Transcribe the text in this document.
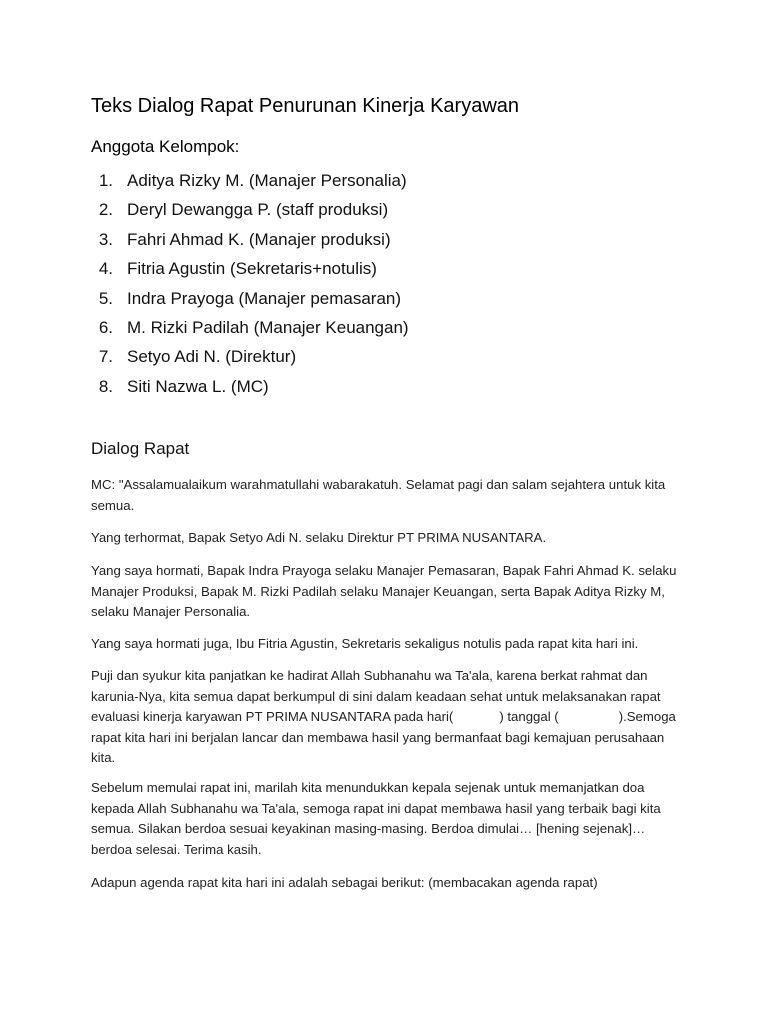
Teks Dialog Rapat Penurunan Kinerja Karyawan
Anggota Kelompok:
1. Aditya Rizky M. (Manajer Personalia)
2. Deryl Dewangga P. (staff produksi)
3. Fahri Ahmad K. (Manajer produksi)
4. Fitria Agustin (Sekretaris+notulis)
5. Indra Prayoga (Manajer pemasaran)
6. M. Rizki Padilah (Manajer Keuangan)
7. Setyo Adi N. (Direktur)
8. Siti Nazwa L. (MC)
Dialog Rapat

MC: "Assalamualaikum warahmatullahi wabarakatuh. Selamat pagi dan salam sejahtera untuk kita semua.

Yang terhormat, Bapak Setyo Adi N. selaku Direktur PT PRIMA NUSANTARA.

Yang saya hormati, Bapak Indra Prayoga selaku Manajer Pemasaran, Bapak Fahri Ahmad K. selaku Manajer Produksi, Bapak M. Rizki Padilah selaku Manajer Keuangan, serta Bapak Aditya Rizky M, selaku Manajer Personalia.

Yang saya hormati juga, Ibu Fitria Agustin, Sekretaris sekaligus notulis pada rapat kita hari ini.

Puji dan syukur kita panjatkan ke hadirat Allah Subhanahu wa Ta'ala, karena berkat rahmat dan karunia-Nya, kita semua dapat berkumpul di sini dalam keadaan sehat untuk melaksanakan rapat evaluasi kinerja karyawan PT PRIMA NUSANTARA pada hari(	) tanggal (	).Semoga rapat kita hari ini berjalan lancar dan membawa hasil yang bermanfaat bagi kemajuan perusahaan kita.

Sebelum memulai rapat ini, marilah kita menundukkan kepala sejenak untuk memanjatkan doa kepada Allah Subhanahu wa Ta'ala, semoga rapat ini dapat membawa hasil yang terbaik bagi kita semua. Silakan berdoa sesuai keyakinan masing-masing. Berdoa dimulai… [hening sejenak]… berdoa selesai. Terima kasih.

Adapun agenda rapat kita hari ini adalah sebagai berikut: (membacakan agenda rapat)
